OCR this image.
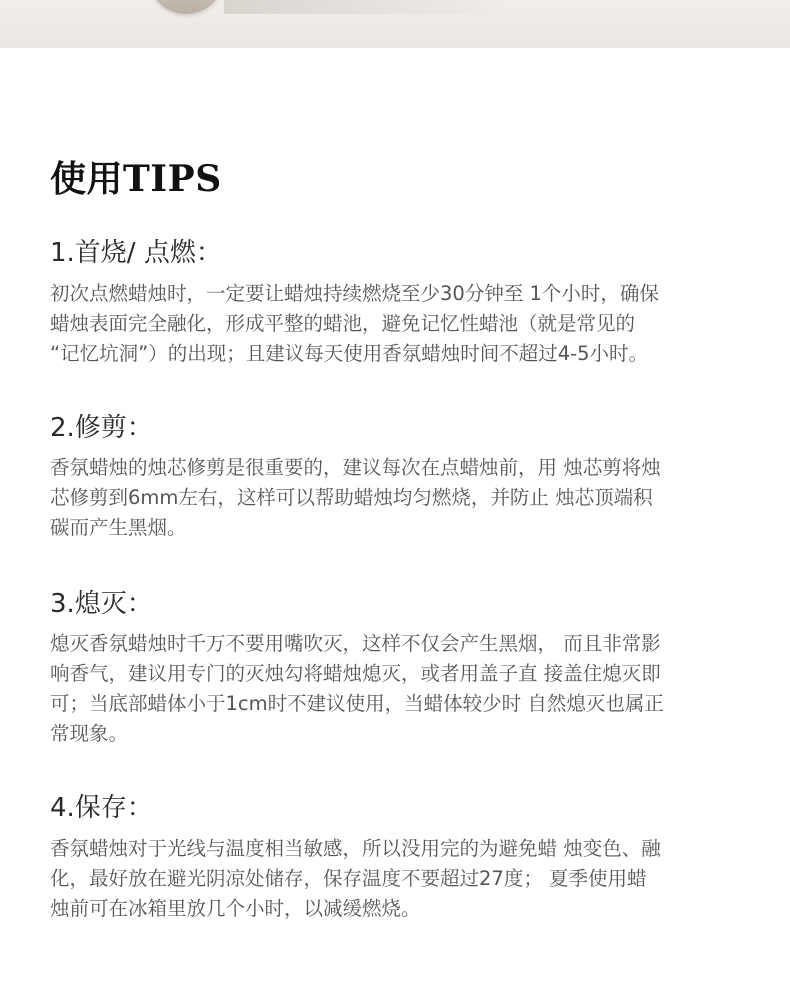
使用TIPS
1.首烧/ 点燃：

初次点燃蜡烛时，一定要让蜡烛持续燃烧至少30分钟至 1个小时，确保
蜡烛表面完全融化，形成平整的蜡池，避免记忆性蜡池（就是常见的
“记忆坑洞”）的出现；且建议每天使用香氛蜡烛时间不超过4-5小时。

2.修剪：

香氛蜡烛的烛芯修剪是很重要的，建议每次在点蜡烛前，用 烛芯剪将烛
芯修剪到6mm左右，这样可以帮助蜡烛均匀燃烧，并防止 烛芯顶端积
碳而产生黑烟。

3.熄灭：

熄灭香氛蜡烛时千万不要用嘴吹灭，这样不仅会产生黑烟， 而且非常影
响香气，建议用专门的灭烛勾将蜡烛熄灭，或者用盖子直 接盖住熄灭即
可；当底部蜡体小于1cm时不建议使用，当蜡体较少时 自然熄灭也属正
常现象。

4.保存：

香氛蜡烛对于光线与温度相当敏感，所以没用完的为避免蜡 烛变色、融
化，最好放在避光阴凉处储存，保存温度不要超过27度； 夏季使用蜡
烛前可在冰箱里放几个小时，以减缓燃烧。
